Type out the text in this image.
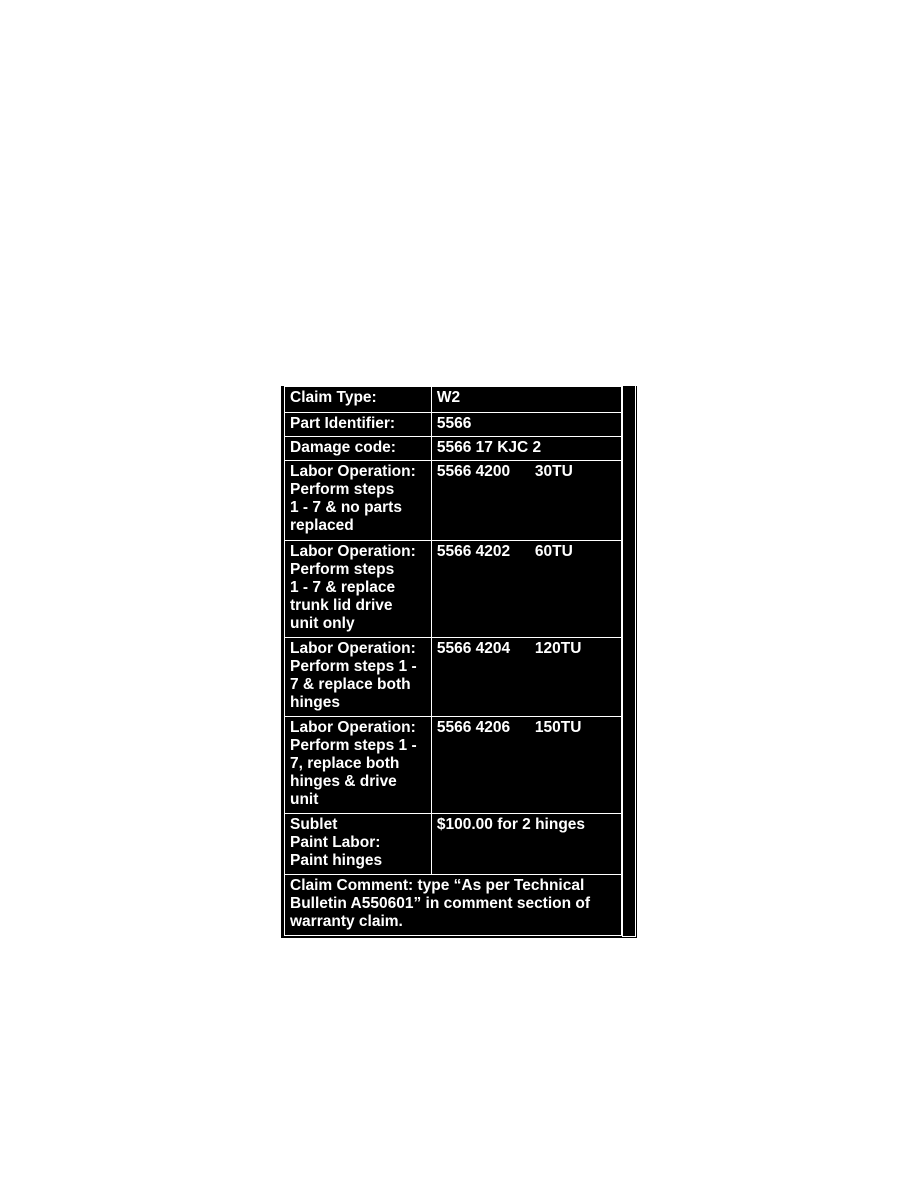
Claim Type:	W2
Part Identifier:	5566
Damage code:	5566 17 KJC 2
Labor Operation:
Perform steps
1 - 7 & no parts
replaced	5566 4200 30TU
Labor Operation:
Perform steps
1 - 7 & replace
trunk lid drive
unit only	5566 4202 60TU
Labor Operation:
Perform steps 1 -
7 & replace both
hinges	5566 4204 120TU
Labor Operation:
Perform steps 1 -
7, replace both
hinges & drive
unit	5566 4206 150TU
Sublet
Paint Labor:
Paint hinges	$100.00 for 2 hinges
Claim Comment: type “As per Technical
Bulletin A550601” in comment section of
warranty claim.	
